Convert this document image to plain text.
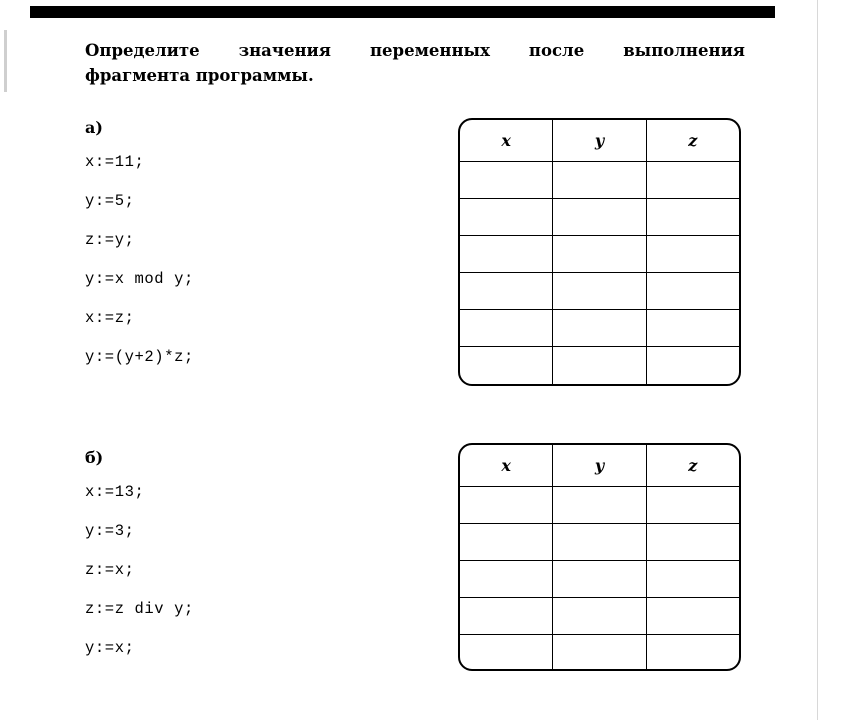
Определите значения переменных после выполнения
фрагмента программы.
а)
x:=11;
y:=5;
z:=y;
y:=x mod y;
x:=z;
y:=(y+2)*z;
x	y	z
б)
x:=13;
y:=3;
z:=x;
z:=z div y;
y:=x;
x	y	z
